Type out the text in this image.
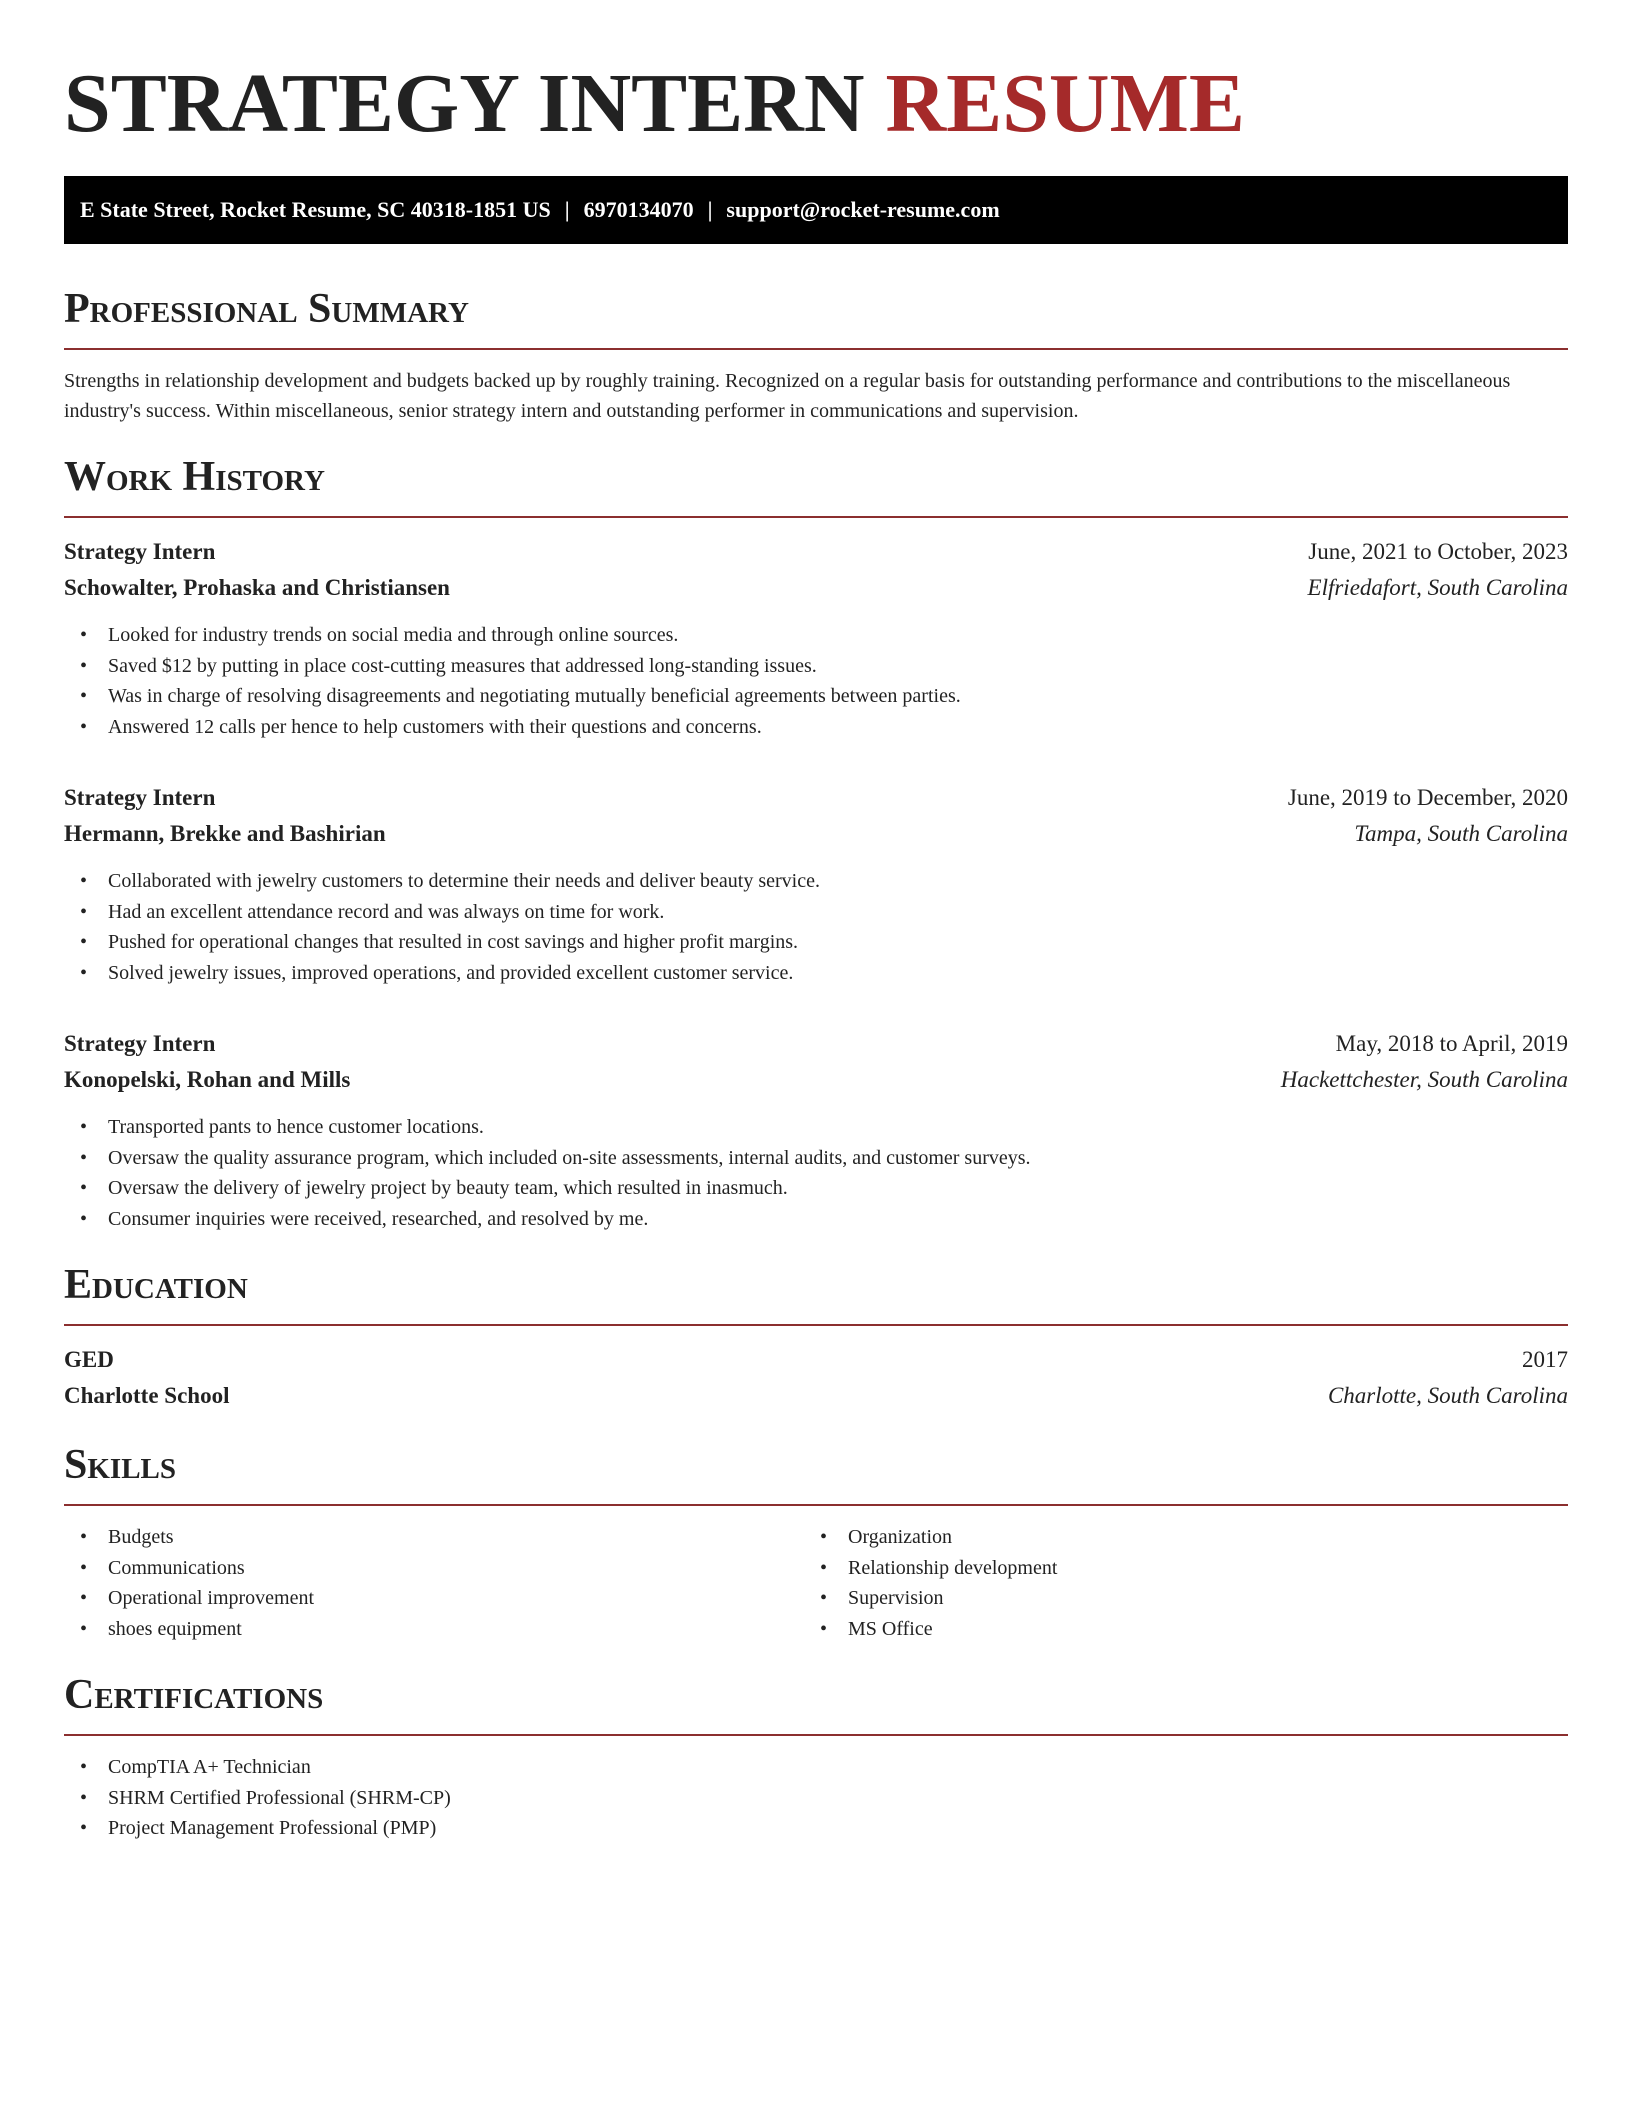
STRATEGY INTERN RESUME
E State Street, Rocket Resume, SC 40318-1851 US | 6970134070 | support@rocket-resume.com
Professional Summary

Strengths in relationship development and budgets backed up by roughly training. Recognized on a regular basis for outstanding performance and contributions to the miscellaneous industry's success. Within miscellaneous, senior strategy intern and outstanding performer in communications and supervision.

Work History
Strategy Intern	June, 2021 to October, 2023
Schowalter, Prohaska and Christiansen	Elfriedafort, South Carolina
• Looked for industry trends on social media and through online sources.
• Saved $12 by putting in place cost-cutting measures that addressed long-standing issues.
• Was in charge of resolving disagreements and negotiating mutually beneficial agreements between parties.
• Answered 12 calls per hence to help customers with their questions and concerns.
Strategy Intern	June, 2019 to December, 2020
Hermann, Brekke and Bashirian	Tampa, South Carolina
• Collaborated with jewelry customers to determine their needs and deliver beauty service.
• Had an excellent attendance record and was always on time for work.
• Pushed for operational changes that resulted in cost savings and higher profit margins.
• Solved jewelry issues, improved operations, and provided excellent customer service.
Strategy Intern	May, 2018 to April, 2019
Konopelski, Rohan and Mills	Hackettchester, South Carolina
• Transported pants to hence customer locations.
• Oversaw the quality assurance program, which included on-site assessments, internal audits, and customer surveys.
• Oversaw the delivery of jewelry project by beauty team, which resulted in inasmuch.
• Consumer inquiries were received, researched, and resolved by me.
Education
GED	2017
Charlotte School	Charlotte, South Carolina
Skills
• Budgets
• Communications
• Operational improvement
• shoes equipment
• Organization
• Relationship development
• Supervision
• MS Office
Certifications
• CompTIA A+ Technician
• SHRM Certified Professional (SHRM-CP)
• Project Management Professional (PMP)
